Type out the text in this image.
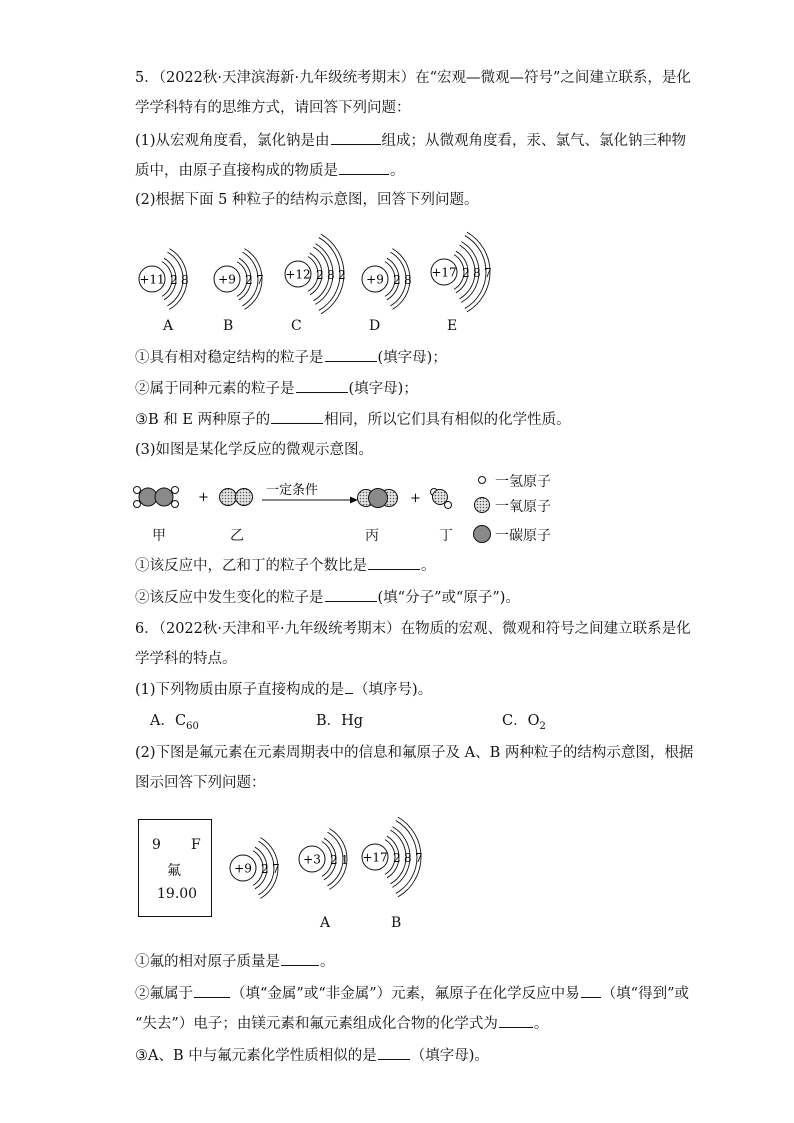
5．（2022秋·天津滨海新·九年级统考期末）在“宏观—微观—符号”之间建立联系，是化
学学科特有的思维方式，请回答下列问题：
(1)从宏观角度看，氯化钠是由	组成；从微观角度看，汞、氯气、氯化钠三种物
质中，由原子直接构成的物质是	。
(2)根据下面 5 种粒子的结构示意图，回答下列问题。
+11 2 8 +9 2 7 +12 2 8 2 +9 2 8
+17 2 8 7
A	B	C	D	E
①具有相对稳定结构的粒子是	(填字母)；
②属于同种元素的粒子是	(填字母)；
③B 和 E 两种原子的	相同，所以它们具有相似的化学性质。
(3)如图是某化学反应的微观示意图。
+	一定条件
+
一氢原子
一氧原子
一碳原子
甲	乙	丙	丁
①该反应中，乙和丁的粒子个数比是	。
②该反应中发生变化的粒子是	(填“分子”或“原子”)。
6．（2022秋·天津和平·九年级统考期末）在物质的宏观、微观和符号之间建立联系是化
学学科的特点。
(1)下列物质由原子直接构成的是 （填序号)。
A．$C_{60}$	B．Hg	C．$O_2$
(2)下图是氟元素在元素周期表中的信息和氟原子及 A、B 两种粒子的结构示意图，根据
图示回答下列问题：
9 F
氟
19.00
+9 2 7
+3 2 1 +17 2 8 7
A	B
①氟的相对原子质量是	。
②氟属于	（填“金属”或“非金属”）元素，氟原子在化学反应中易 （填“得到”或
“失去”）电子；由镁元素和氟元素组成化合物的化学式为 。
③A、B 中与氟元素化学性质相似的是 （填字母)。
